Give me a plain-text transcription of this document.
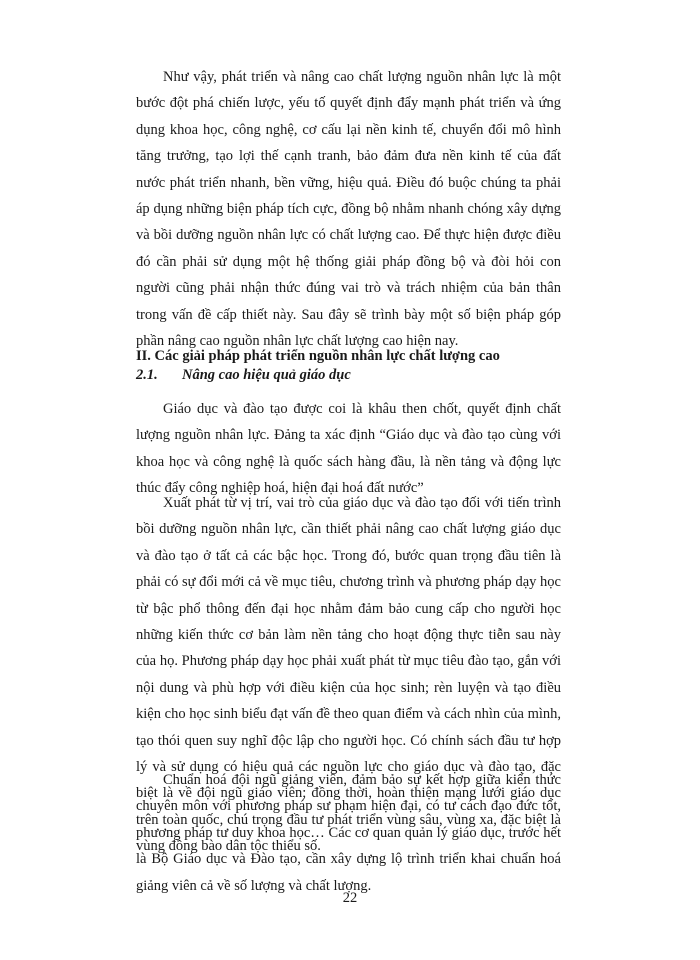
Như vậy, phát triển và nâng cao chất lượng nguồn nhân lực là một bước đột phá chiến lược, yếu tố quyết định đẩy mạnh phát triển và ứng dụng khoa học, công nghệ, cơ cấu lại nền kinh tế, chuyển đổi mô hình tăng trưởng, tạo lợi thế cạnh tranh, bảo đảm đưa nền kinh tế của đất nước phát triển nhanh, bền vững, hiệu quả. Điều đó buộc chúng ta phải áp dụng những biện pháp tích cực, đồng bộ nhằm nhanh chóng xây dựng và bồi dưỡng nguồn nhân lực có chất lượng cao. Để thực hiện được điều đó cần phải sử dụng một hệ thống giải pháp đồng bộ và đòi hỏi con người cũng phải nhận thức đúng vai trò và trách nhiệm của bản thân trong vấn đề cấp thiết này. Sau đây sẽ trình bày một số biện pháp góp phần nâng cao nguồn nhân lực chất lượng cao hiện nay.

II. Các giải pháp phát triển nguồn nhân lực chất lượng cao
2.1. Nâng cao hiệu quả giáo dục

Giáo dục và đào tạo được coi là khâu then chốt, quyết định chất lượng nguồn nhân lực. Đảng ta xác định “Giáo dục và đào tạo cùng với khoa học và công nghệ là quốc sách hàng đầu, là nền tảng và động lực thúc đẩy công nghiệp hoá, hiện đại hoá đất nước”

Xuất phát từ vị trí, vai trò của giáo dục và đào tạo đối với tiến trình bồi dưỡng nguồn nhân lực, cần thiết phải nâng cao chất lượng giáo dục và đào tạo ở tất cả các bậc học. Trong đó, bước quan trọng đầu tiên là phải có sự đổi mới cả về mục tiêu, chương trình và phương pháp dạy học từ bậc phổ thông đến đại học nhằm đảm bảo cung cấp cho người học những kiến thức cơ bản làm nền tảng cho hoạt động thực tiễn sau này của họ. Phương pháp dạy học phải xuất phát từ mục tiêu đào tạo, gắn với nội dung và phù hợp với điều kiện của học sinh; rèn luyện và tạo điều kiện cho học sinh biểu đạt vấn đề theo quan điểm và cách nhìn của mình, tạo thói quen suy nghĩ độc lập cho người học. Có chính sách đầu tư hợp lý và sử dụng có hiệu quả các nguồn lực cho giáo dục và đào tạo, đặc biệt là về đội ngũ giáo viên; đồng thời, hoàn thiện mạng lưới giáo dục trên toàn quốc, chú trọng đầu tư phát triển vùng sâu, vùng xa, đặc biệt là vùng đồng bào dân tộc thiểu số.

Chuẩn hoá đội ngũ giảng viên, đảm bảo sự kết hợp giữa kiến thức chuyên môn với phương pháp sư phạm hiện đại, có tư cách đạo đức tốt, phương pháp tư duy khoa học… Các cơ quan quản lý giáo dục, trước hết là Bộ Giáo dục và Đào tạo, cần xây dựng lộ trình triển khai chuẩn hoá giảng viên cả về số lượng và chất lượng.

22
